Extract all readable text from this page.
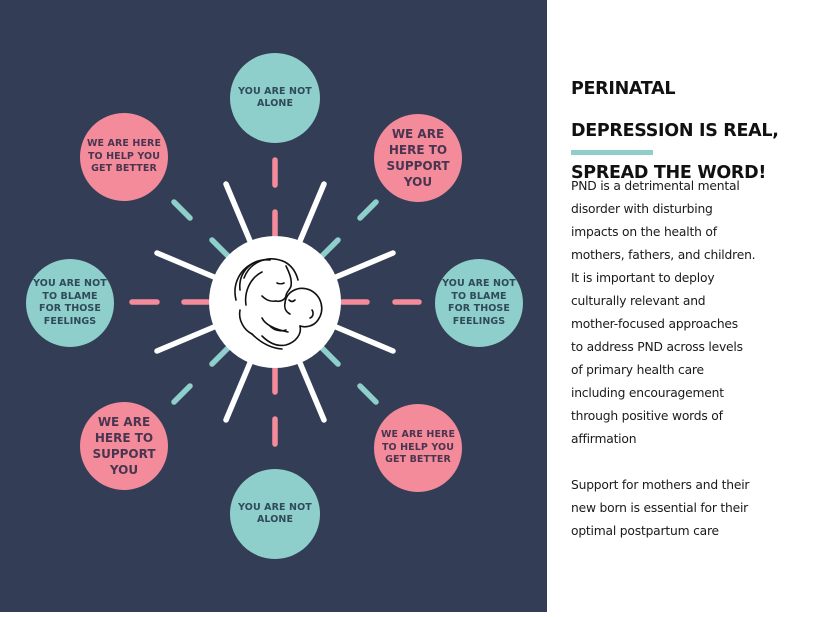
YOU ARE NOT
ALONE
WE ARE
HERE TO
SUPPORT
YOU
YOU ARE NOT
TO BLAME
FOR THOSE
FEELINGS
WE ARE HERE
TO HELP YOU
GET BETTER
YOU ARE NOT
ALONE
WE ARE
HERE TO
SUPPORT
YOU
YOU ARE NOT
TO BLAME
FOR THOSE
FEELINGS
WE ARE HERE
TO HELP YOU
GET BETTER

PERINATAL

DEPRESSION IS REAL,

SPREAD THE WORD!

PND is a detrimental mental
disorder with disturbing
impacts on the health of
mothers, fathers, and children.
It is important to deploy
culturally relevant and
mother-focused approaches
to address PND across levels
of primary health care
including encouragement
through positive words of
affirmation
Support for mothers and their
new born is essential for their
optimal postpartum care
